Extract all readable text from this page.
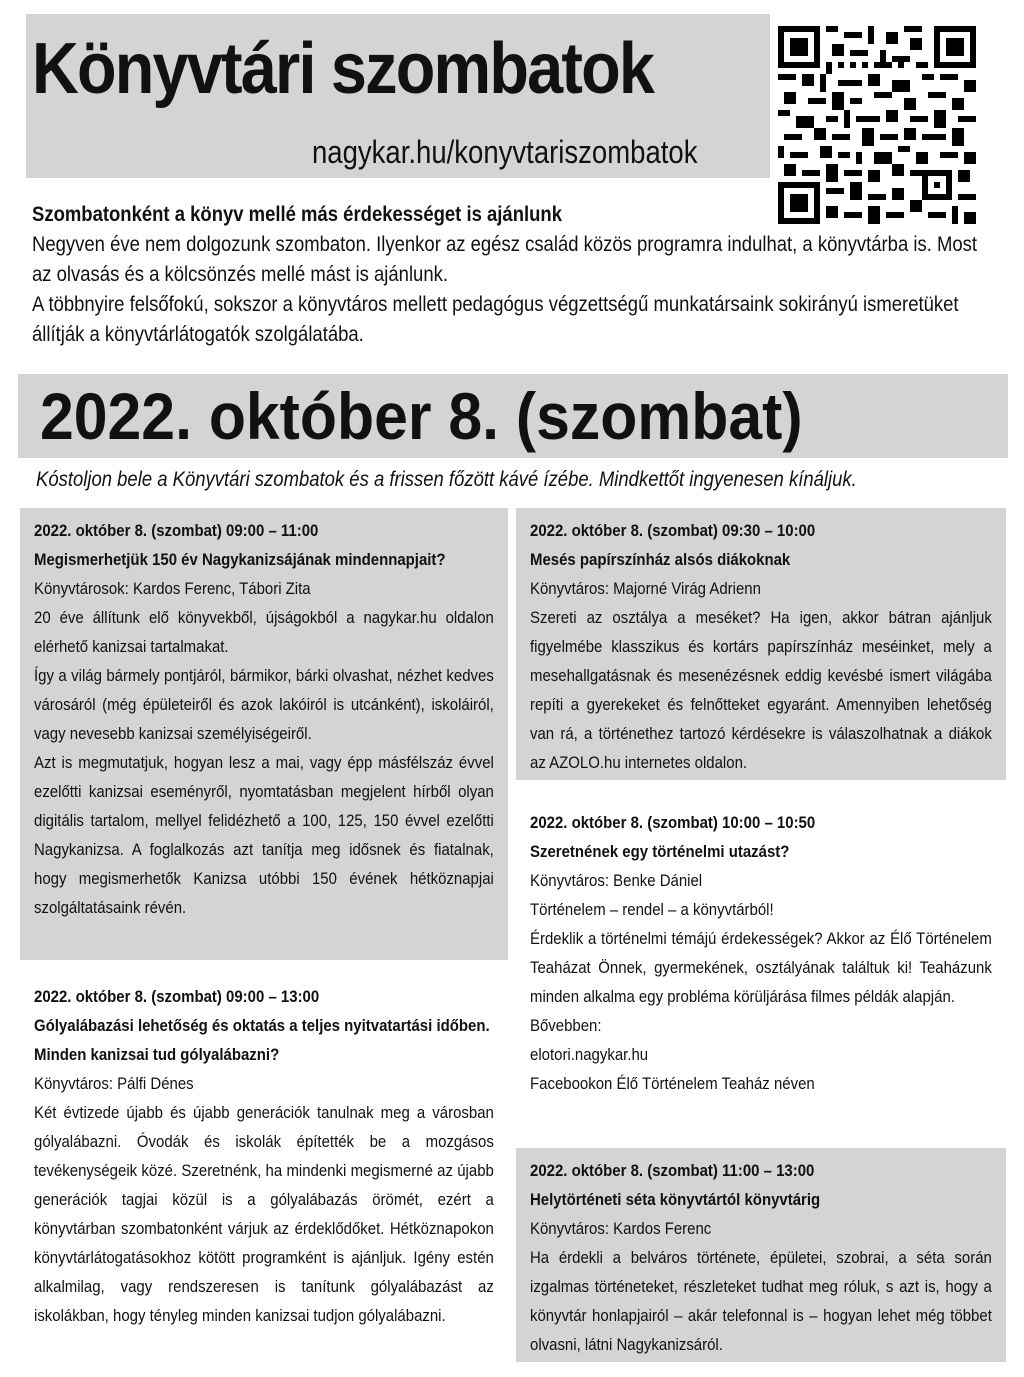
Könyvtári szombatok
nagykar.hu/konyvtariszombatok

Szombatonként a könyv mellé más érdekességet is ajánlunk

Negyven éve nem dolgozunk szombaton. Ilyenkor az egész család közös programra indulhat, a könyvtárba is. Most az olvasás és a kölcsönzés mellé mást is ajánlunk.

A többnyire felsőfokú, sokszor a könyvtáros mellett pedagógus végzettségű munkatársaink sokirányú ismeretüket állítják a könyvtárlátogatók szolgálatába.

2022. október 8. (szombat)
Kóstoljon bele a Könyvtári szombatok és a frissen főzött kávé ízébe. Mindkettőt ingyenesen kínáljuk.
2022. október 8. (szombat) 09:00 – 11:00
Megismerhetjük 150 év Nagykanizsájának mindennapjait?
Könyvtárosok: Kardos Ferenc, Tábori Zita
20 éve állítunk elő könyvekből, újságokból a nagykar.hu oldalon elérhető kanizsai tartalmakat.
Így a világ bármely pontjáról, bármikor, bárki olvashat, nézhet kedves városáról (még épületeiről és azok lakóiról is utcánként), iskoláiról, vagy nevesebb kanizsai személyiségeiről.
Azt is megmutatjuk, hogyan lesz a mai, vagy épp másfélszáz évvel ezelőtti kanizsai eseményről, nyomtatásban megjelent hírből olyan digitális tartalom, mellyel felidézhető a 100, 125, 150 évvel ezelőtti Nagykanizsa. A foglalkozás azt tanítja meg idősnek és fiatalnak, hogy megismerhetők Kanizsa utóbbi 150 évének hétköznapjai szolgáltatásaink révén.
2022. október 8. (szombat) 09:00 – 13:00
Gólyalábazási lehetőség és oktatás a teljes nyitvatartási időben. Minden kanizsai tud gólyalábazni?
Könyvtáros: Pálfi Dénes
Két évtizede újabb és újabb generációk tanulnak meg a városban gólyalábazni. Óvodák és iskolák építették be a mozgásos tevékenységeik közé. Szeretnénk, ha mindenki megismerné az újabb generációk tagjai közül is a gólyalábazás örömét, ezért a könyvtárban szombatonként várjuk az érdeklődőket. Hétköznapokon könyvtárlátogatásokhoz kötött programként is ajánljuk. Igény estén alkalmilag, vagy rendszeresen is tanítunk gólyalábazást az iskolákban, hogy tényleg minden kanizsai tudjon gólyalábazni.
2022. október 8. (szombat) 09:30 – 10:00
Mesés papírszínház alsós diákoknak
Könyvtáros: Majorné Virág Adrienn
Szereti az osztálya a meséket? Ha igen, akkor bátran ajánljuk figyelmébe klasszikus és kortárs papírszínház meséinket, mely a mesehallgatásnak és mesenézésnek eddig kevésbé ismert világába repíti a gyerekeket és felnőtteket egyaránt. Amennyiben lehetőség van rá, a történethez tartozó kérdésekre is válaszolhatnak a diákok az AZOLO.hu internetes oldalon.
2022. október 8. (szombat) 10:00 – 10:50
Szeretnének egy történelmi utazást?
Könyvtáros: Benke Dániel
Történelem – rendel – a könyvtárból!
Érdeklik a történelmi témájú érdekességek? Akkor az Élő Történelem Teaházat Önnek, gyermekének, osztályának találtuk ki! Teaházunk minden alkalma egy probléma körüljárása filmes példák alapján.
Bővebben:
elotori.nagykar.hu
Facebookon Élő Történelem Teaház néven
2022. október 8. (szombat) 11:00 – 13:00
Helytörténeti séta könyvtártól könyvtárig
Könyvtáros: Kardos Ferenc
Ha érdekli a belváros története, épületei, szobrai, a séta során izgalmas történeteket, részleteket tudhat meg róluk, s azt is, hogy a könyvtár honlapjairól – akár telefonnal is – hogyan lehet még többet olvasni, látni Nagykanizsáról.
